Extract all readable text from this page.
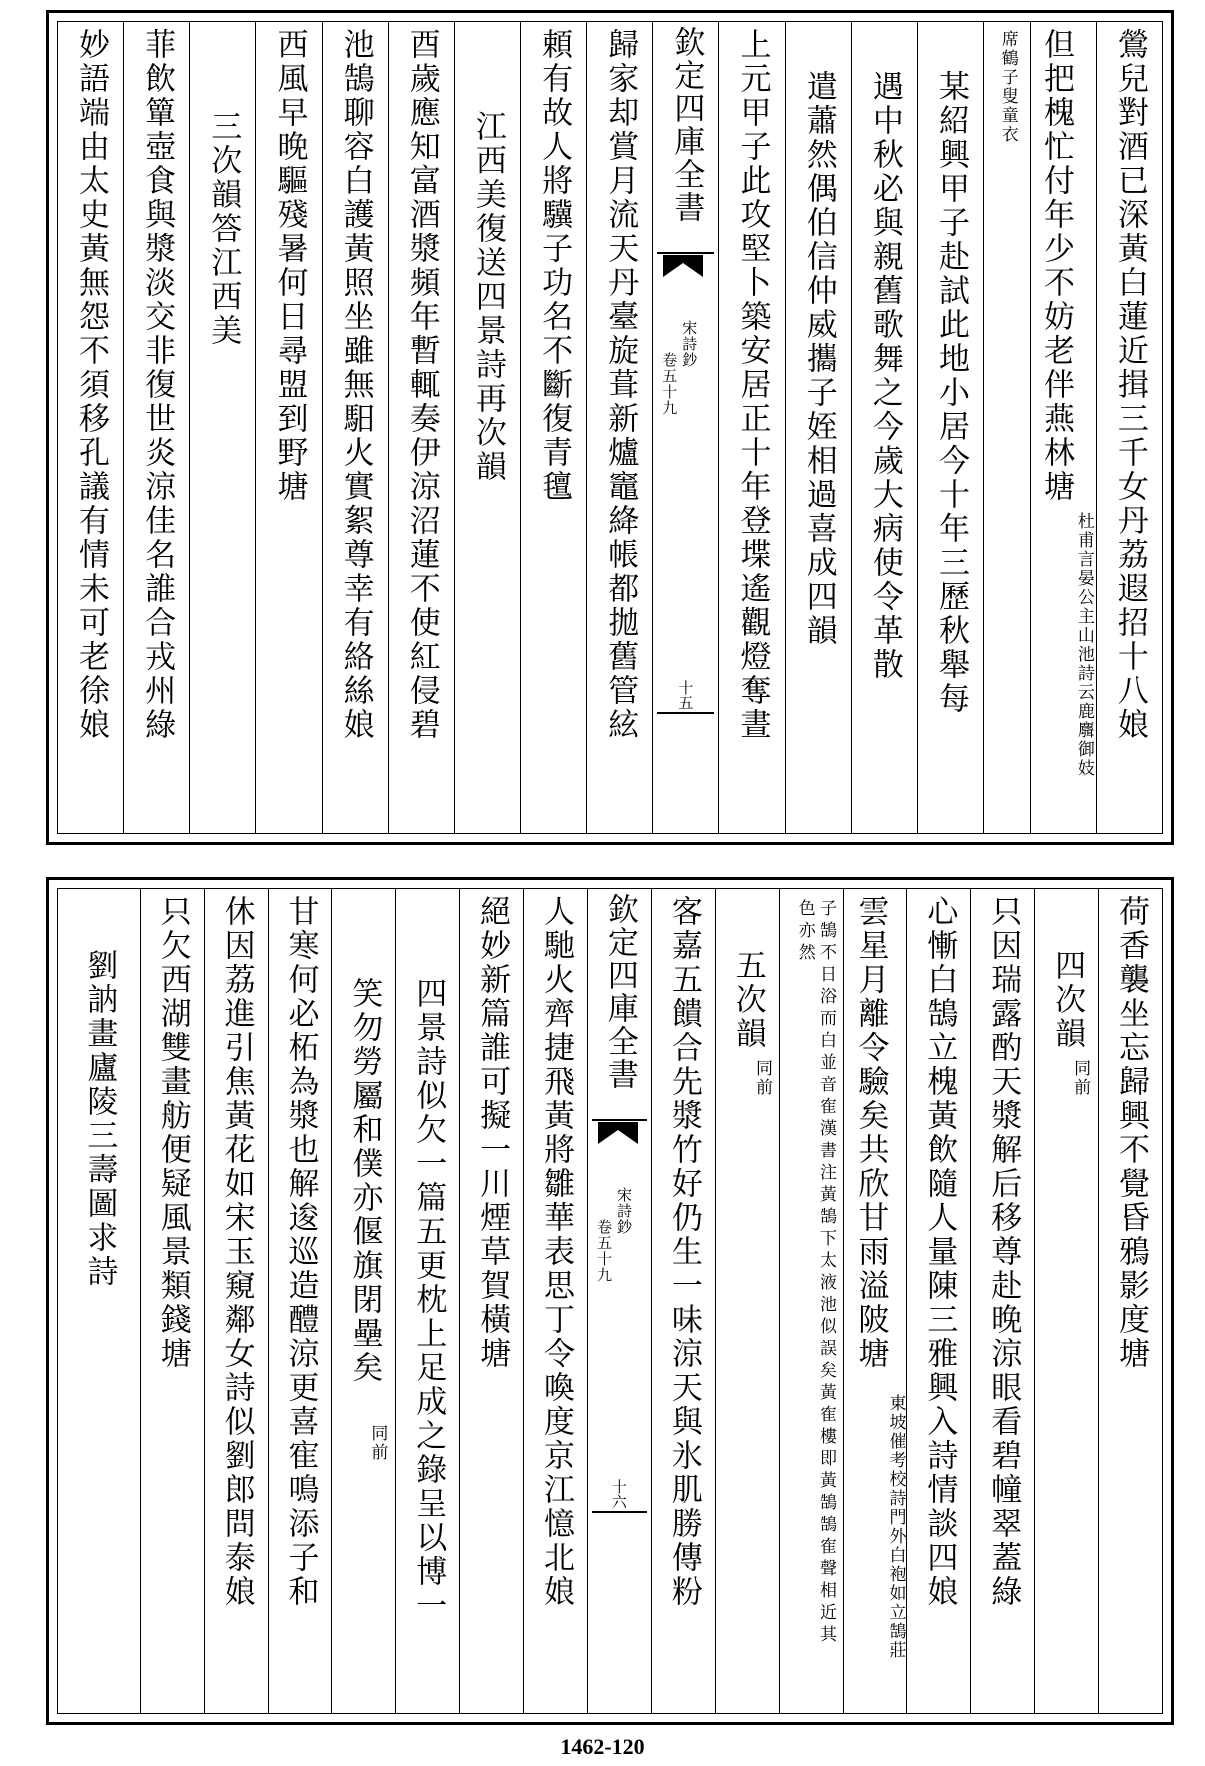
鶯兒對酒已深黃白蓮近揖三千女丹荔遐招十八娘
但把槐忙付年少不妨老伴燕林塘
杜甫言晏公主山池詩云鹿麛御妓
席鶴子叟童衣
某紹興甲子赴試此地小居今十年三歷秋舉每
遇中秋必與親舊歌舞之今歲大病使令革散
遣蕭然偶伯信仲威攜子姪相過喜成四韻
上元甲子此攻堅卜築安居正十年登堞遙觀燈奪晝
欽定四庫全書
宋詩鈔
卷五十九
十五
歸家却賞月流天丹臺旋葺新爐竈絳帳都拋舊管絃
頼有故人將驥子功名不斷復青氊
江西美復送四景詩再次韻
酉歲應知富酒漿頻年暫輒奏伊涼沼蓮不使紅侵碧
池鵠聊容白護黃照坐雖無馹火實絮尊幸有絡絲娘
西風早晚驅殘暑何日尋盟到野塘
三次韻答江西美
菲飲簞壺食與漿淡交非復世炎涼佳名誰合戎州綠
妙語端由太史黃無怨不須移孔議有情未可老徐娘
荷香襲坐忘歸興不覺昏鴉影度塘
四次韻
同前
只因瑞露酌天漿解后移尊赴晚涼眼看碧幢翠蓋綠
心慚白鵠立槐黃飲隨人量陳三雅興入詩情談四娘
雲星月離令驗矣共欣甘雨溢陂塘
東坡催考校詩門外白袍如立鵠莊
子鵠不日浴而白並音隺漢書注黃鵠下太液池似誤矣黃隺樓即黃鵠鵠隺聲相近其色亦然
五次韻
同前
客嘉五饋合先漿竹好仍生一味涼天與氷肌勝傳粉
欽定四庫全書
宋詩鈔
卷五十九
十六
人馳火齊捷飛黃將雛華表思丁令喚度京江憶北娘
絕妙新篇誰可擬一川煙草賀橫塘
四景詩似欠一篇五更枕上足成之錄呈以博一
笑勿勞屬和僕亦偃旗閉壘矣
同前
甘寒何必柘為漿也解逡巡造醴涼更喜寉鳴添子和
休因荔進引焦黃花如宋玉窺鄰女詩似劉郎問泰娘
只欠西湖雙畫舫便疑風景類錢塘
劉訥畫廬陵三壽圖求詩
1462-120
